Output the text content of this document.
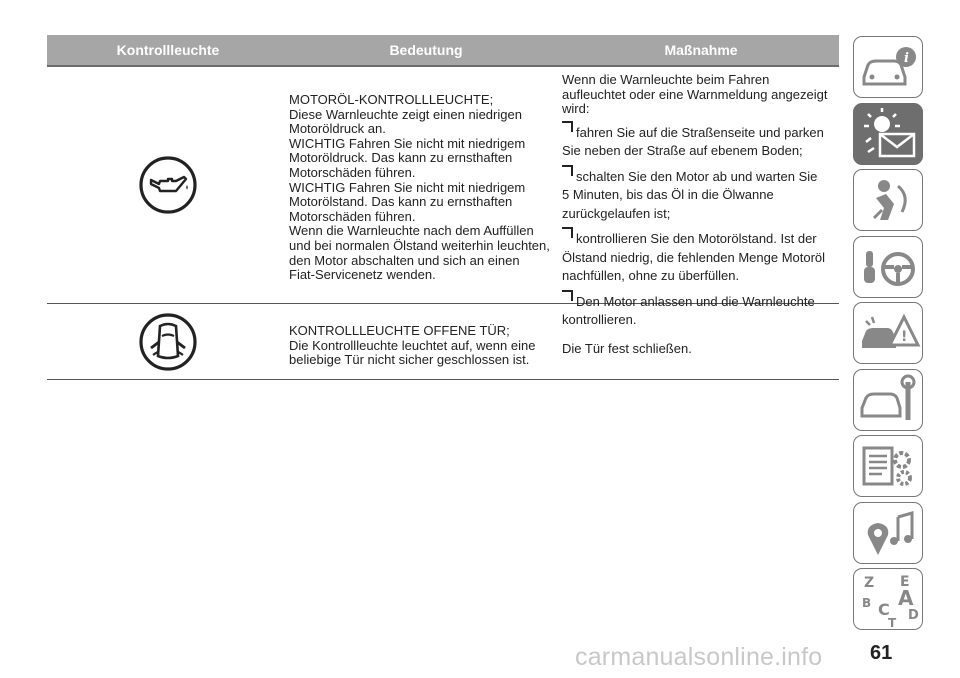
Kontrollleuchte	Bedeutung	Maßnahme
MOTORÖL-KONTROLLLEUCHTE;
Diese Warnleuchte zeigt einen niedrigen
Motoröldruck an.
WICHTIG Fahren Sie nicht mit niedrigem
Motoröldruck. Das kann zu ernsthaften
Motorschäden führen.
WICHTIG Fahren Sie nicht mit niedrigem
Motorölstand. Das kann zu ernsthaften
Motorschäden führen.
Wenn die Warnleuchte nach dem Auffüllen
und bei normalen Ölstand weiterhin leuchten,
den Motor abschalten und sich an einen
Fiat-Servicenetz wenden.
Wenn die Warnleuchte beim Fahren
aufleuchtet oder eine Warnmeldung angezeigt
wird:
fahren Sie auf die Straßenseite und parken
Sie neben der Straße auf ebenem Boden;
schalten Sie den Motor ab und warten Sie
5 Minuten, bis das Öl in die Ölwanne
zurückgelaufen ist;
kontrollieren Sie den Motorölstand. Ist der
Ölstand niedrig, die fehlenden Menge Motoröl
nachfüllen, ohne zu überfüllen.
Den Motor anlassen und die Warnleuchte
kontrollieren.
KONTROLLLEUCHTE OFFENE TÜR;
Die Kontrollleuchte leuchtet auf, wenn eine
beliebige Tür nicht sicher geschlossen ist.
Die Tür fest schließen.
i
!
Z E
B A
C D
T
carmanualsonline.info 61
